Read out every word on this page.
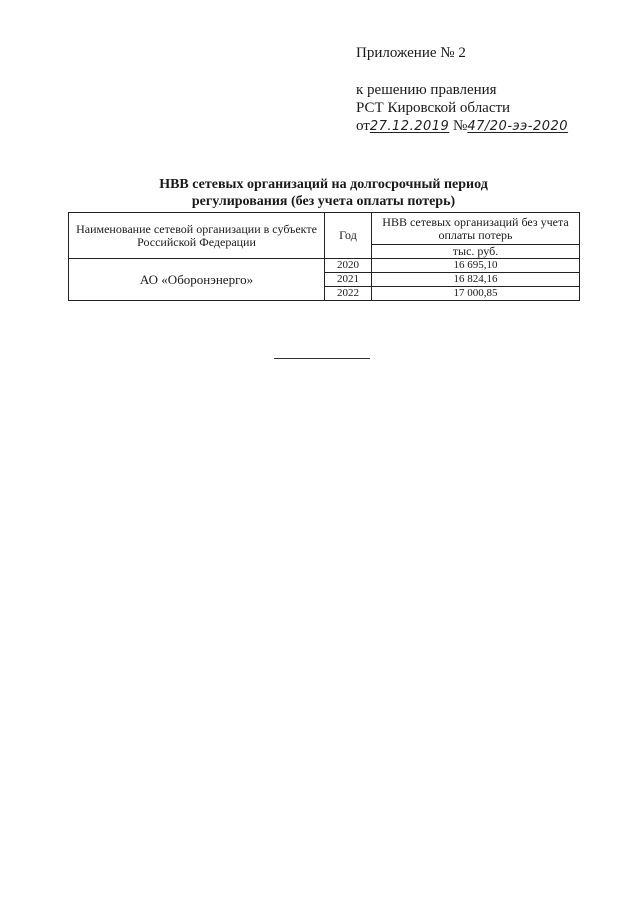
Приложение № 2
к решению правления
РСТ Кировской области
от27.12.2019 №47/20-ээ-2020
НВВ сетевых организаций на долгосрочный период
регулирования (без учета оплаты потерь)
Наименование сетевой организации в субъекте Российской Федерации	Год	НВВ сетевых организаций без учета оплаты потерь
		тыс. руб.
АО «Оборонэнерго»	2020	16 695,10
	2021	16 824,16
	2022	17 000,85
